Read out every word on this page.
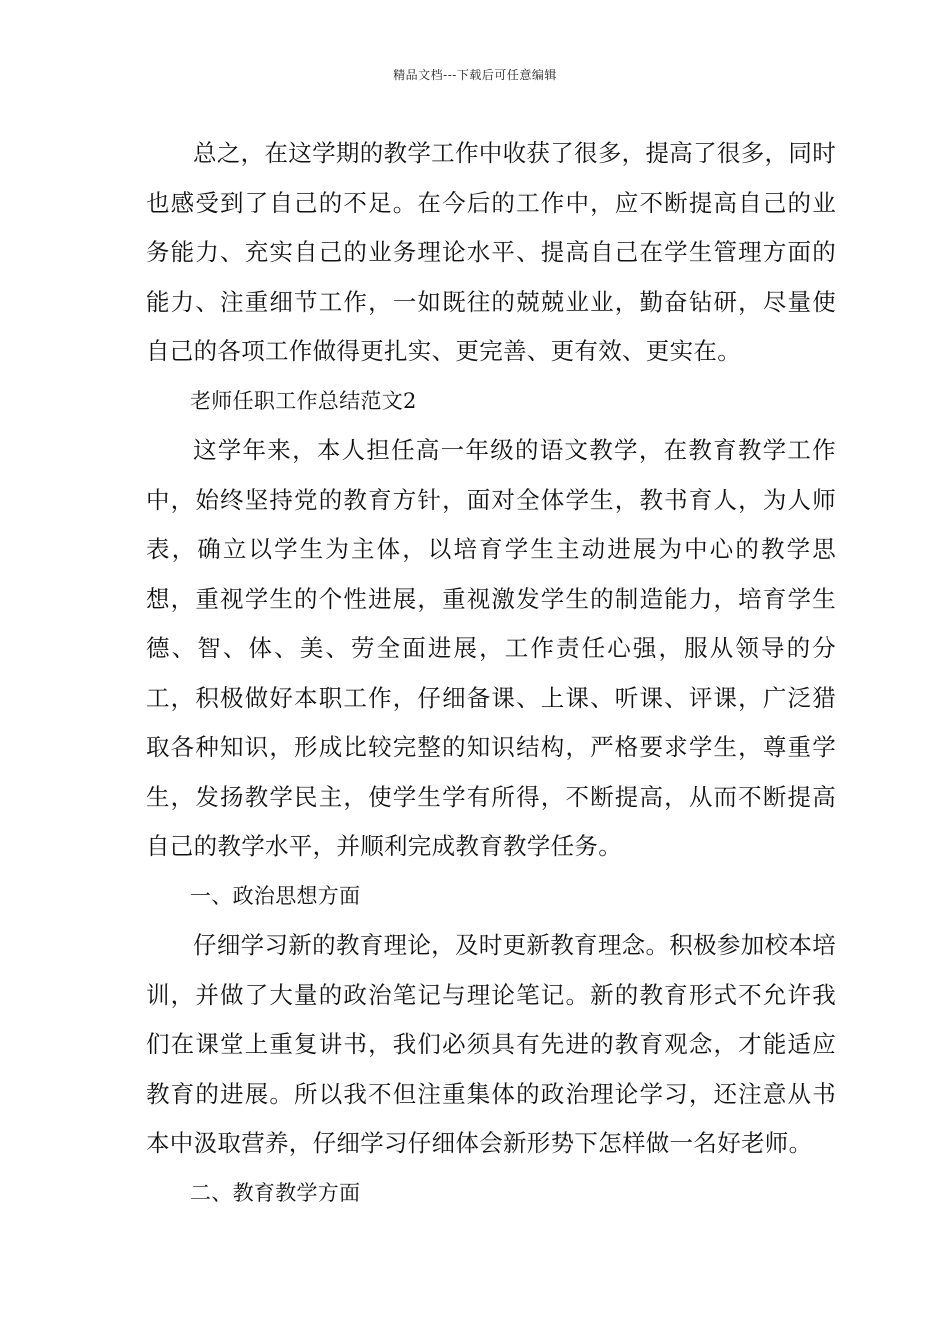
精品文档---下载后可任意编辑

总之，在这学期的教学工作中收获了很多，提高了很多，同时也感受到了自己的不足。在今后的工作中，应不断提高自己的业务能力、充实自己的业务理论水平、提高自己在学生管理方面的能力、注重细节工作，一如既往的兢兢业业，勤奋钻研，尽量使自己的各项工作做得更扎实、更完善、更有效、更实在。

老师任职工作总结范文2

这学年来，本人担任高一年级的语文教学，在教育教学工作中，始终坚持党的教育方针，面对全体学生，教书育人，为人师表，确立以学生为主体，以培育学生主动进展为中心的教学思想，重视学生的个性进展，重视激发学生的制造能力，培育学生德、智、体、美、劳全面进展，工作责任心强，服从领导的分工，积极做好本职工作，仔细备课、上课、听课、评课，广泛猎取各种知识，形成比较完整的知识结构，严格要求学生，尊重学生，发扬教学民主，使学生学有所得，不断提高，从而不断提高自己的教学水平，并顺利完成教育教学任务。

一、政治思想方面

仔细学习新的教育理论，及时更新教育理念。积极参加校本培训，并做了大量的政治笔记与理论笔记。新的教育形式不允许我们在课堂上重复讲书，我们必须具有先进的教育观念，才能适应教育的进展。所以我不但注重集体的政治理论学习，还注意从书本中汲取营养，仔细学习仔细体会新形势下怎样做一名好老师。

二、教育教学方面
